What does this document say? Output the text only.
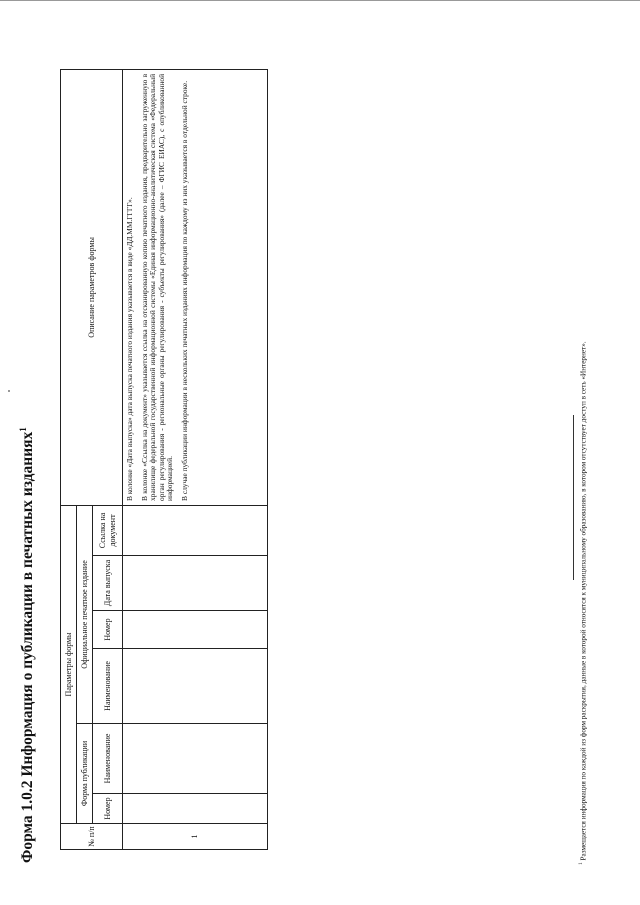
Форма 1.0.2 Информация о публикации в печатных изданиях$^1$
№ п/п	Параметры формы						Описание параметров формы
	Форма публикации		Официальное печатное издание				
	Номер	Наименование	Наименование	Номер	Дата выпуска	Ссылка на документ	
1							В колонке «Дата выпуска» дата выпуска печатного издания указывается в виде «ДД.ММ.ГГГГ». В колонке «Ссылка на документ» указывается ссылка на отсканированную копию печатного издания, предварительно загруженную в хранилище федеральной государственной информационной системы «Единая информационно-аналитическая система «Федеральный орган регулирования - региональные органы регулирования - субъекты регулирования» (далее – ФГИС ЕИАС), с опубликованной информацией. В случае публикации информации в нескольких печатных изданиях информация по каждому из них указывается в отдельной строке.

$^1$ Размещается информация по каждой из форм раскрытия, данные в которой относятся к муниципальному образованию, в котором отсутствует доступ в сеть «Интернет».
